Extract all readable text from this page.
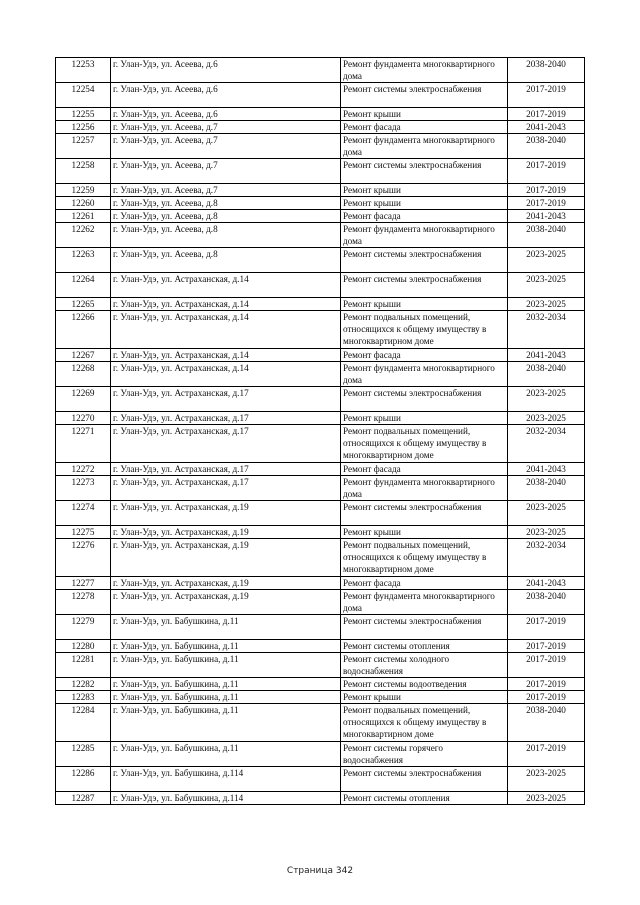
12253	г. Улан-Удэ, ул. Асеева, д.6	Ремонт фундамента многоквартирного дома	2038-2040
12254	г. Улан-Удэ, ул. Асеева, д.6	Ремонт системы электроснабжения	2017-2019
12255	г. Улан-Удэ, ул. Асеева, д.6	Ремонт крыши	2017-2019
12256	г. Улан-Удэ, ул. Асеева, д.7	Ремонт фасада	2041-2043
12257	г. Улан-Удэ, ул. Асеева, д.7	Ремонт фундамента многоквартирного дома	2038-2040
12258	г. Улан-Удэ, ул. Асеева, д.7	Ремонт системы электроснабжения	2017-2019
12259	г. Улан-Удэ, ул. Асеева, д.7	Ремонт крыши	2017-2019
12260	г. Улан-Удэ, ул. Асеева, д.8	Ремонт крыши	2017-2019
12261	г. Улан-Удэ, ул. Асеева, д.8	Ремонт фасада	2041-2043
12262	г. Улан-Удэ, ул. Асеева, д.8	Ремонт фундамента многоквартирного дома	2038-2040
12263	г. Улан-Удэ, ул. Асеева, д.8	Ремонт системы электроснабжения	2023-2025
12264	г. Улан-Удэ, ул. Астраханская, д.14	Ремонт системы электроснабжения	2023-2025
12265	г. Улан-Удэ, ул. Астраханская, д.14	Ремонт крыши	2023-2025
12266	г. Улан-Удэ, ул. Астраханская, д.14	Ремонт подвальных помещений, относящихся к общему имуществу в многоквартирном доме	2032-2034
12267	г. Улан-Удэ, ул. Астраханская, д.14	Ремонт фасада	2041-2043
12268	г. Улан-Удэ, ул. Астраханская, д.14	Ремонт фундамента многоквартирного дома	2038-2040
12269	г. Улан-Удэ, ул. Астраханская, д.17	Ремонт системы электроснабжения	2023-2025
12270	г. Улан-Удэ, ул. Астраханская, д.17	Ремонт крыши	2023-2025
12271	г. Улан-Удэ, ул. Астраханская, д.17	Ремонт подвальных помещений, относящихся к общему имуществу в многоквартирном доме	2032-2034
12272	г. Улан-Удэ, ул. Астраханская, д.17	Ремонт фасада	2041-2043
12273	г. Улан-Удэ, ул. Астраханская, д.17	Ремонт фундамента многоквартирного дома	2038-2040
12274	г. Улан-Удэ, ул. Астраханская, д.19	Ремонт системы электроснабжения	2023-2025
12275	г. Улан-Удэ, ул. Астраханская, д.19	Ремонт крыши	2023-2025
12276	г. Улан-Удэ, ул. Астраханская, д.19	Ремонт подвальных помещений, относящихся к общему имуществу в многоквартирном доме	2032-2034
12277	г. Улан-Удэ, ул. Астраханская, д.19	Ремонт фасада	2041-2043
12278	г. Улан-Удэ, ул. Астраханская, д.19	Ремонт фундамента многоквартирного дома	2038-2040
12279	г. Улан-Удэ, ул. Бабушкина, д.11	Ремонт системы электроснабжения	2017-2019
12280	г. Улан-Удэ, ул. Бабушкина, д.11	Ремонт системы отопления	2017-2019
12281	г. Улан-Удэ, ул. Бабушкина, д.11	Ремонт системы холодного водоснабжения	2017-2019
12282	г. Улан-Удэ, ул. Бабушкина, д.11	Ремонт системы водоотведения	2017-2019
12283	г. Улан-Удэ, ул. Бабушкина, д.11	Ремонт крыши	2017-2019
12284	г. Улан-Удэ, ул. Бабушкина, д.11	Ремонт подвальных помещений, относящихся к общему имуществу в многоквартирном доме	2038-2040
12285	г. Улан-Удэ, ул. Бабушкина, д.11	Ремонт системы горячего водоснабжения	2017-2019
12286	г. Улан-Удэ, ул. Бабушкина, д.114	Ремонт системы электроснабжения	2023-2025
12287	г. Улан-Удэ, ул. Бабушкина, д.114	Ремонт системы отопления	2023-2025
Страница 342
